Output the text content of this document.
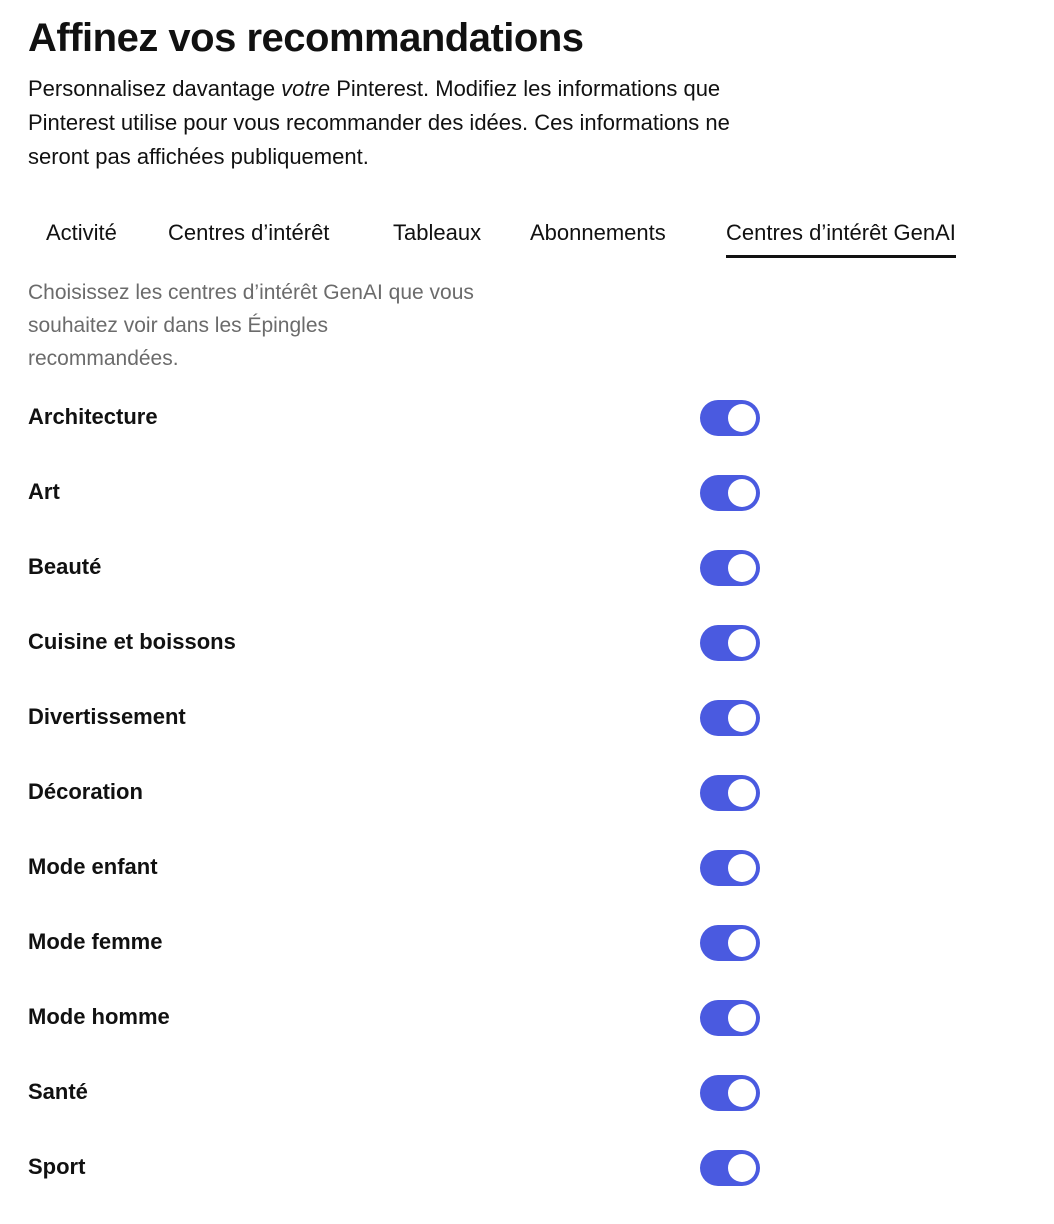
Affinez vos recommandations

Personnalisez davantage votre Pinterest. Modifiez les informations que Pinterest utilise pour vous recommander des idées. Ces informations ne seront pas affichées publiquement.

Activité Centres d’intérêt	Tableaux Abonnements	Centres d’intérêt GenAI

Choisissez les centres d’intérêt GenAI que vous souhaitez voir dans les Épingles recommandées.

Architecture
Art
Beauté
Cuisine et boissons
Divertissement
Décoration
Mode enfant
Mode femme
Mode homme
Santé
Sport
